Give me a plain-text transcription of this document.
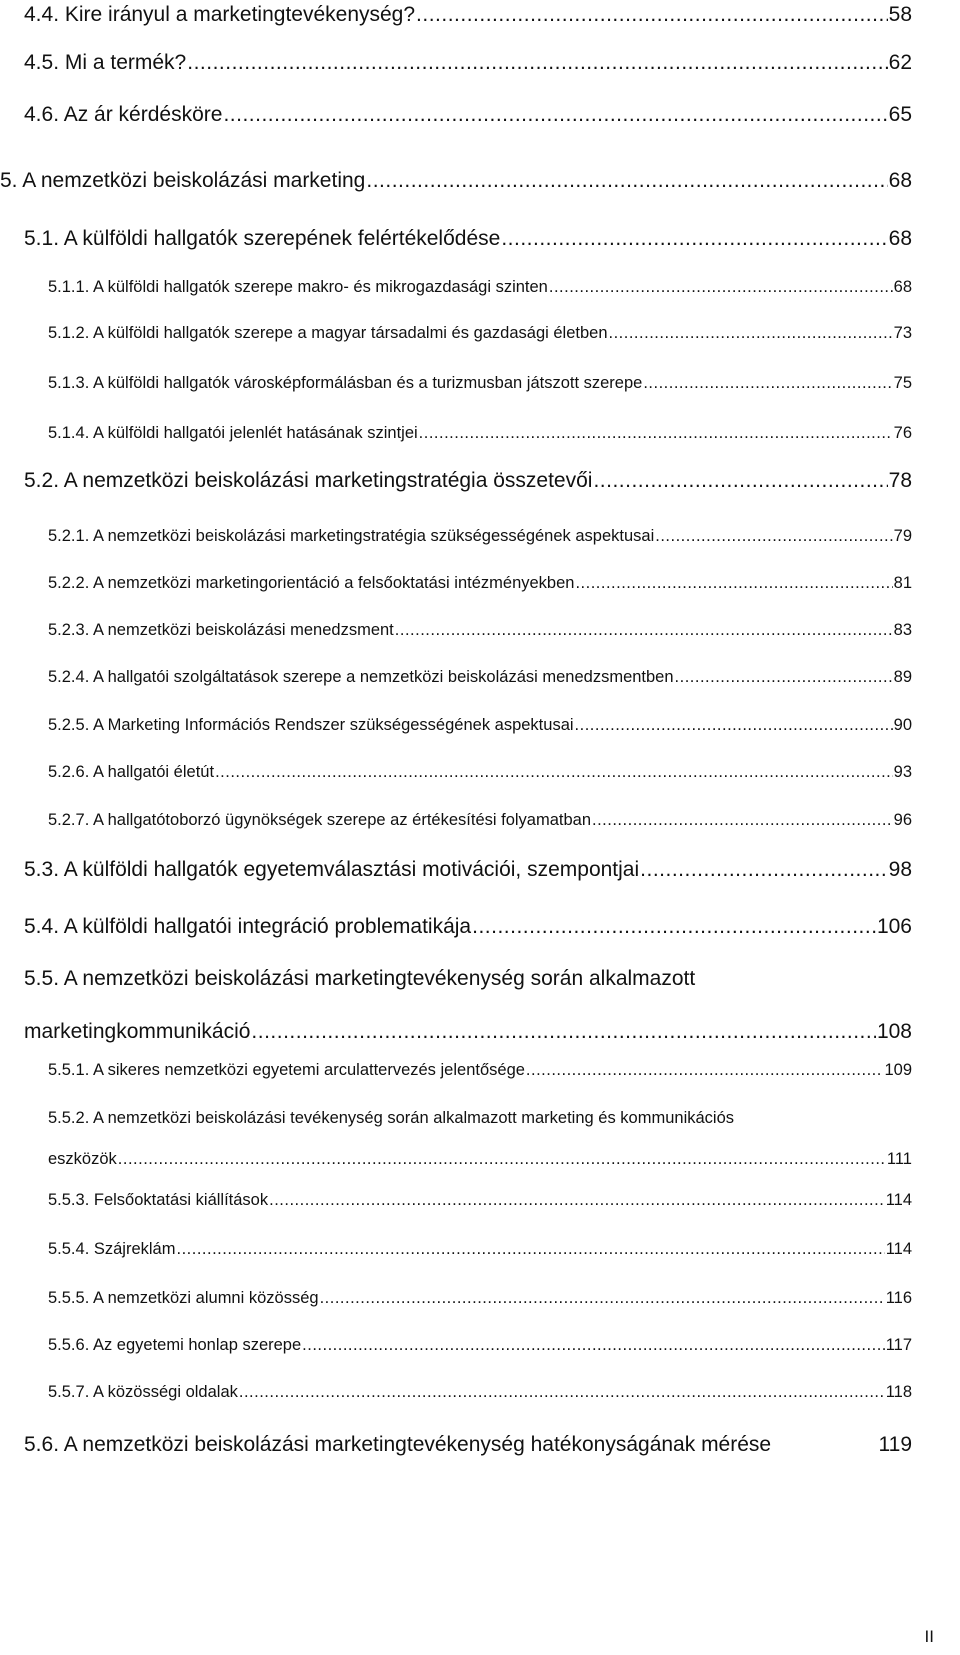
4.4. Kire irányul a marketingtevékenység? .....	58
4.5. Mi a termék? .....	62
4.6. Az ár kérdésköre .....	65
5. A nemzetközi beiskolázási marketing .....	68
5.1. A külföldi hallgatók szerepének felértékelődése .....	68
5.1.1. A külföldi hallgatók szerepe makro- és mikrogazdasági szinten .....	68
5.1.2. A külföldi hallgatók szerepe a magyar társadalmi és gazdasági életben .....	73
5.1.3. A külföldi hallgatók városképformálásban és a turizmusban játszott szerepe .....	75
5.1.4. A külföldi hallgatói jelenlét hatásának szintjei .....	76
5.2. A nemzetközi beiskolázási marketingstratégia összetevői .....	78
5.2.1. A nemzetközi beiskolázási marketingstratégia szükségességének aspektusai .....	79
5.2.2. A nemzetközi marketingorientáció a felsőoktatási intézményekben .....	81
5.2.3. A nemzetközi beiskolázási menedzsment .....	83
5.2.4. A hallgatói szolgáltatások szerepe a nemzetközi beiskolázási menedzsmentben .....	89
5.2.5. A Marketing Információs Rendszer szükségességének aspektusai .....	90
5.2.6. A hallgatói életút .....	93
5.2.7. A hallgatótoborzó ügynökségek szerepe az értékesítési folyamatban .....	96
5.3. A külföldi hallgatók egyetemválasztási motivációi, szempontjai .....	98
5.4. A külföldi hallgatói integráció problematikája .....	106
5.5. A nemzetközi beiskolázási marketingtevékenység során alkalmazott
marketingkommunikáció .....	108
5.5.1. A sikeres nemzetközi egyetemi arculattervezés jelentősége .....	109
5.5.2. A nemzetközi beiskolázási tevékenység során alkalmazott marketing és kommunikációs
eszközök .....	111
5.5.3. Felsőoktatási kiállítások .....	114
5.5.4. Szájreklám .....	114
5.5.5. A nemzetközi alumni közösség .....	116
5.5.6. Az egyetemi honlap szerepe .....	117
5.5.7. A közösségi oldalak .....	118
5.6. A nemzetközi beiskolázási marketingtevékenység hatékonyságának mérése	119
II
